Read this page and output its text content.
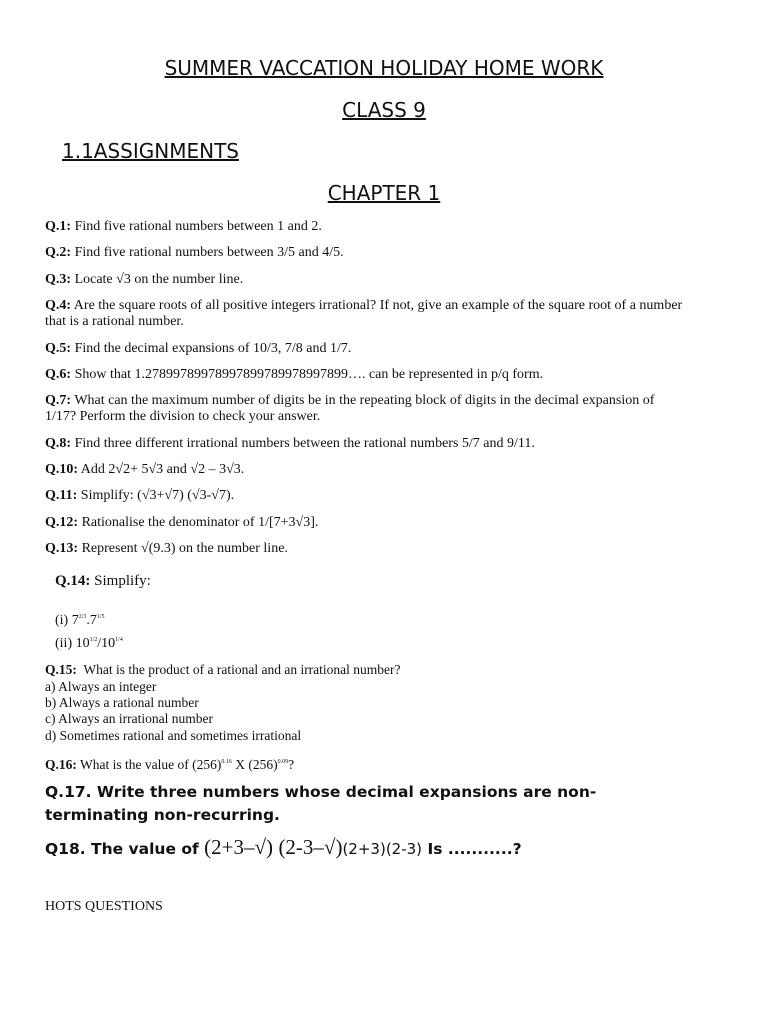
SUMMER VACCATION HOLIDAY HOME WORK
CLASS 9
1.1ASSIGNMENTS
CHAPTER 1
Q.1: Find five rational numbers between 1 and 2.
Q.2: Find five rational numbers between 3/5 and 4/5.
Q.3: Locate √3 on the number line.
Q.4: Are the square roots of all positive integers irrational? If not, give an example of the square root of a number that is a rational number.
Q.5: Find the decimal expansions of 10/3, 7/8 and 1/7.
Q.6: Show that 1.27899789978997899789978997899…. can be represented in p/q form.
Q.7: What can the maximum number of digits be in the repeating block of digits in the decimal expansion of 1/17? Perform the division to check your answer.
Q.8: Find three different irrational numbers between the rational numbers 5/7 and 9/11.
Q.10: Add 2√2+ 5√3 and √2 – 3√3.
Q.11: Simplify: (√3+√7) (√3-√7).
Q.12: Rationalise the denominator of 1/[7+3√3].
Q.13: Represent √(9.3) on the number line.
Q.14: Simplify:
(i) $7^{2/3}.7^{1/5}$
(ii) $10^{1/2}/10^{1/4}$
Q.15: What is the product of a rational and an irrational number?
a) Always an integer
b) Always a rational number
c) Always an irrational number
d) Sometimes rational and sometimes irrational
Q.16: What is the value of $(256)^{0.16}$ X $(256)^{0.09}$?
Q.17. Write three numbers whose decimal expansions are non-terminating non-recurring.
Q18. The value of (2+3–√) (2-3–√)(2+3)(2-3) Is ...........?
HOTS QUESTIONS
